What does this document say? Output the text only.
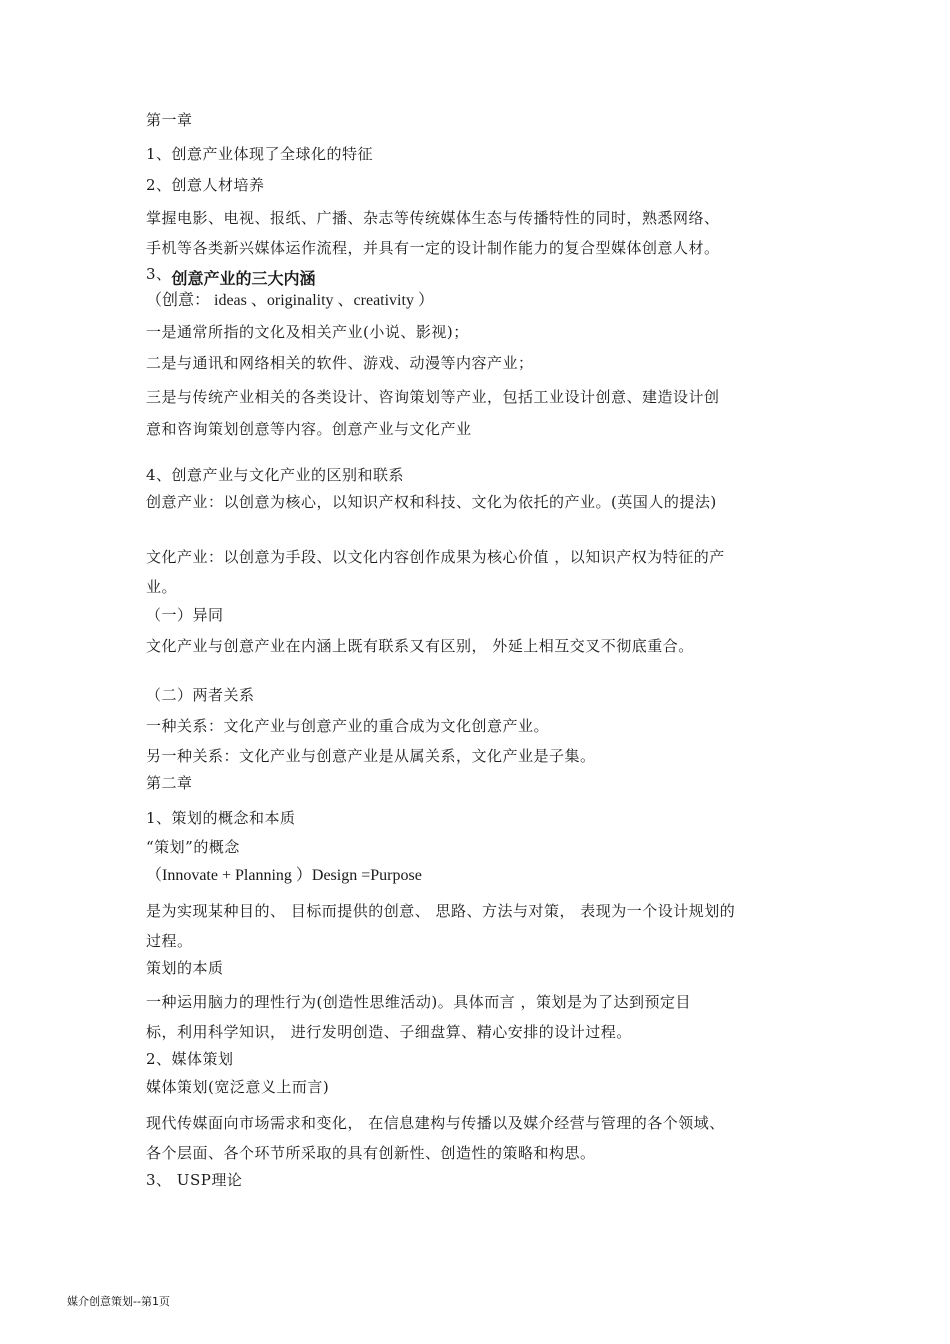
第一章
1、创意产业体现了全球化的特征
2、创意人材培养
掌握电影、电视、报纸、广播、杂志等传统媒体生态与传播特性的同时，熟悉网络、
手机等各类新兴媒体运作流程，并具有一定的设计制作能力的复合型媒体创意人材。
3、创意产业的三大内涵
（创意： ideas 、originality 、creativity ）
一是通常所指的文化及相关产业(小说、影视)；
二是与通讯和网络相关的软件、游戏、动漫等内容产业；
三是与传统产业相关的各类设计、咨询策划等产业，包括工业设计创意、建造设计创
意和咨询策划创意等内容。创意产业与文化产业
4、创意产业与文化产业的区别和联系
创意产业：以创意为核心，以知识产权和科技、文化为依托的产业。(英国人的提法)
文化产业：以创意为手段、以文化内容创作成果为核心价值 ，以知识产权为特征的产
业。
（一）异同
文化产业与创意产业在内涵上既有联系又有区别， 外延上相互交叉不彻底重合。
（二）两者关系
一种关系：文化产业与创意产业的重合成为文化创意产业。
另一种关系：文化产业与创意产业是从属关系，文化产业是子集。
第二章
1、策划的概念和本质
“策划”的概念
（Innovate + Planning ）Design =Purpose
是为实现某种目的、 目标而提供的创意、 思路、方法与对策， 表现为一个设计规划的
过程。
策划的本质
一种运用脑力的理性行为(创造性思维活动)。具体而言 ，策划是为了达到预定目
标，利用科学知识， 进行发明创造、子细盘算、精心安排的设计过程。
2、媒体策划
媒体策划(宽泛意义上而言)
现代传媒面向市场需求和变化， 在信息建构与传播以及媒介经营与管理的各个领域、
各个层面、各个环节所采取的具有创新性、创造性的策略和构思。
3、 USP理论
媒介创意策划--第1页
